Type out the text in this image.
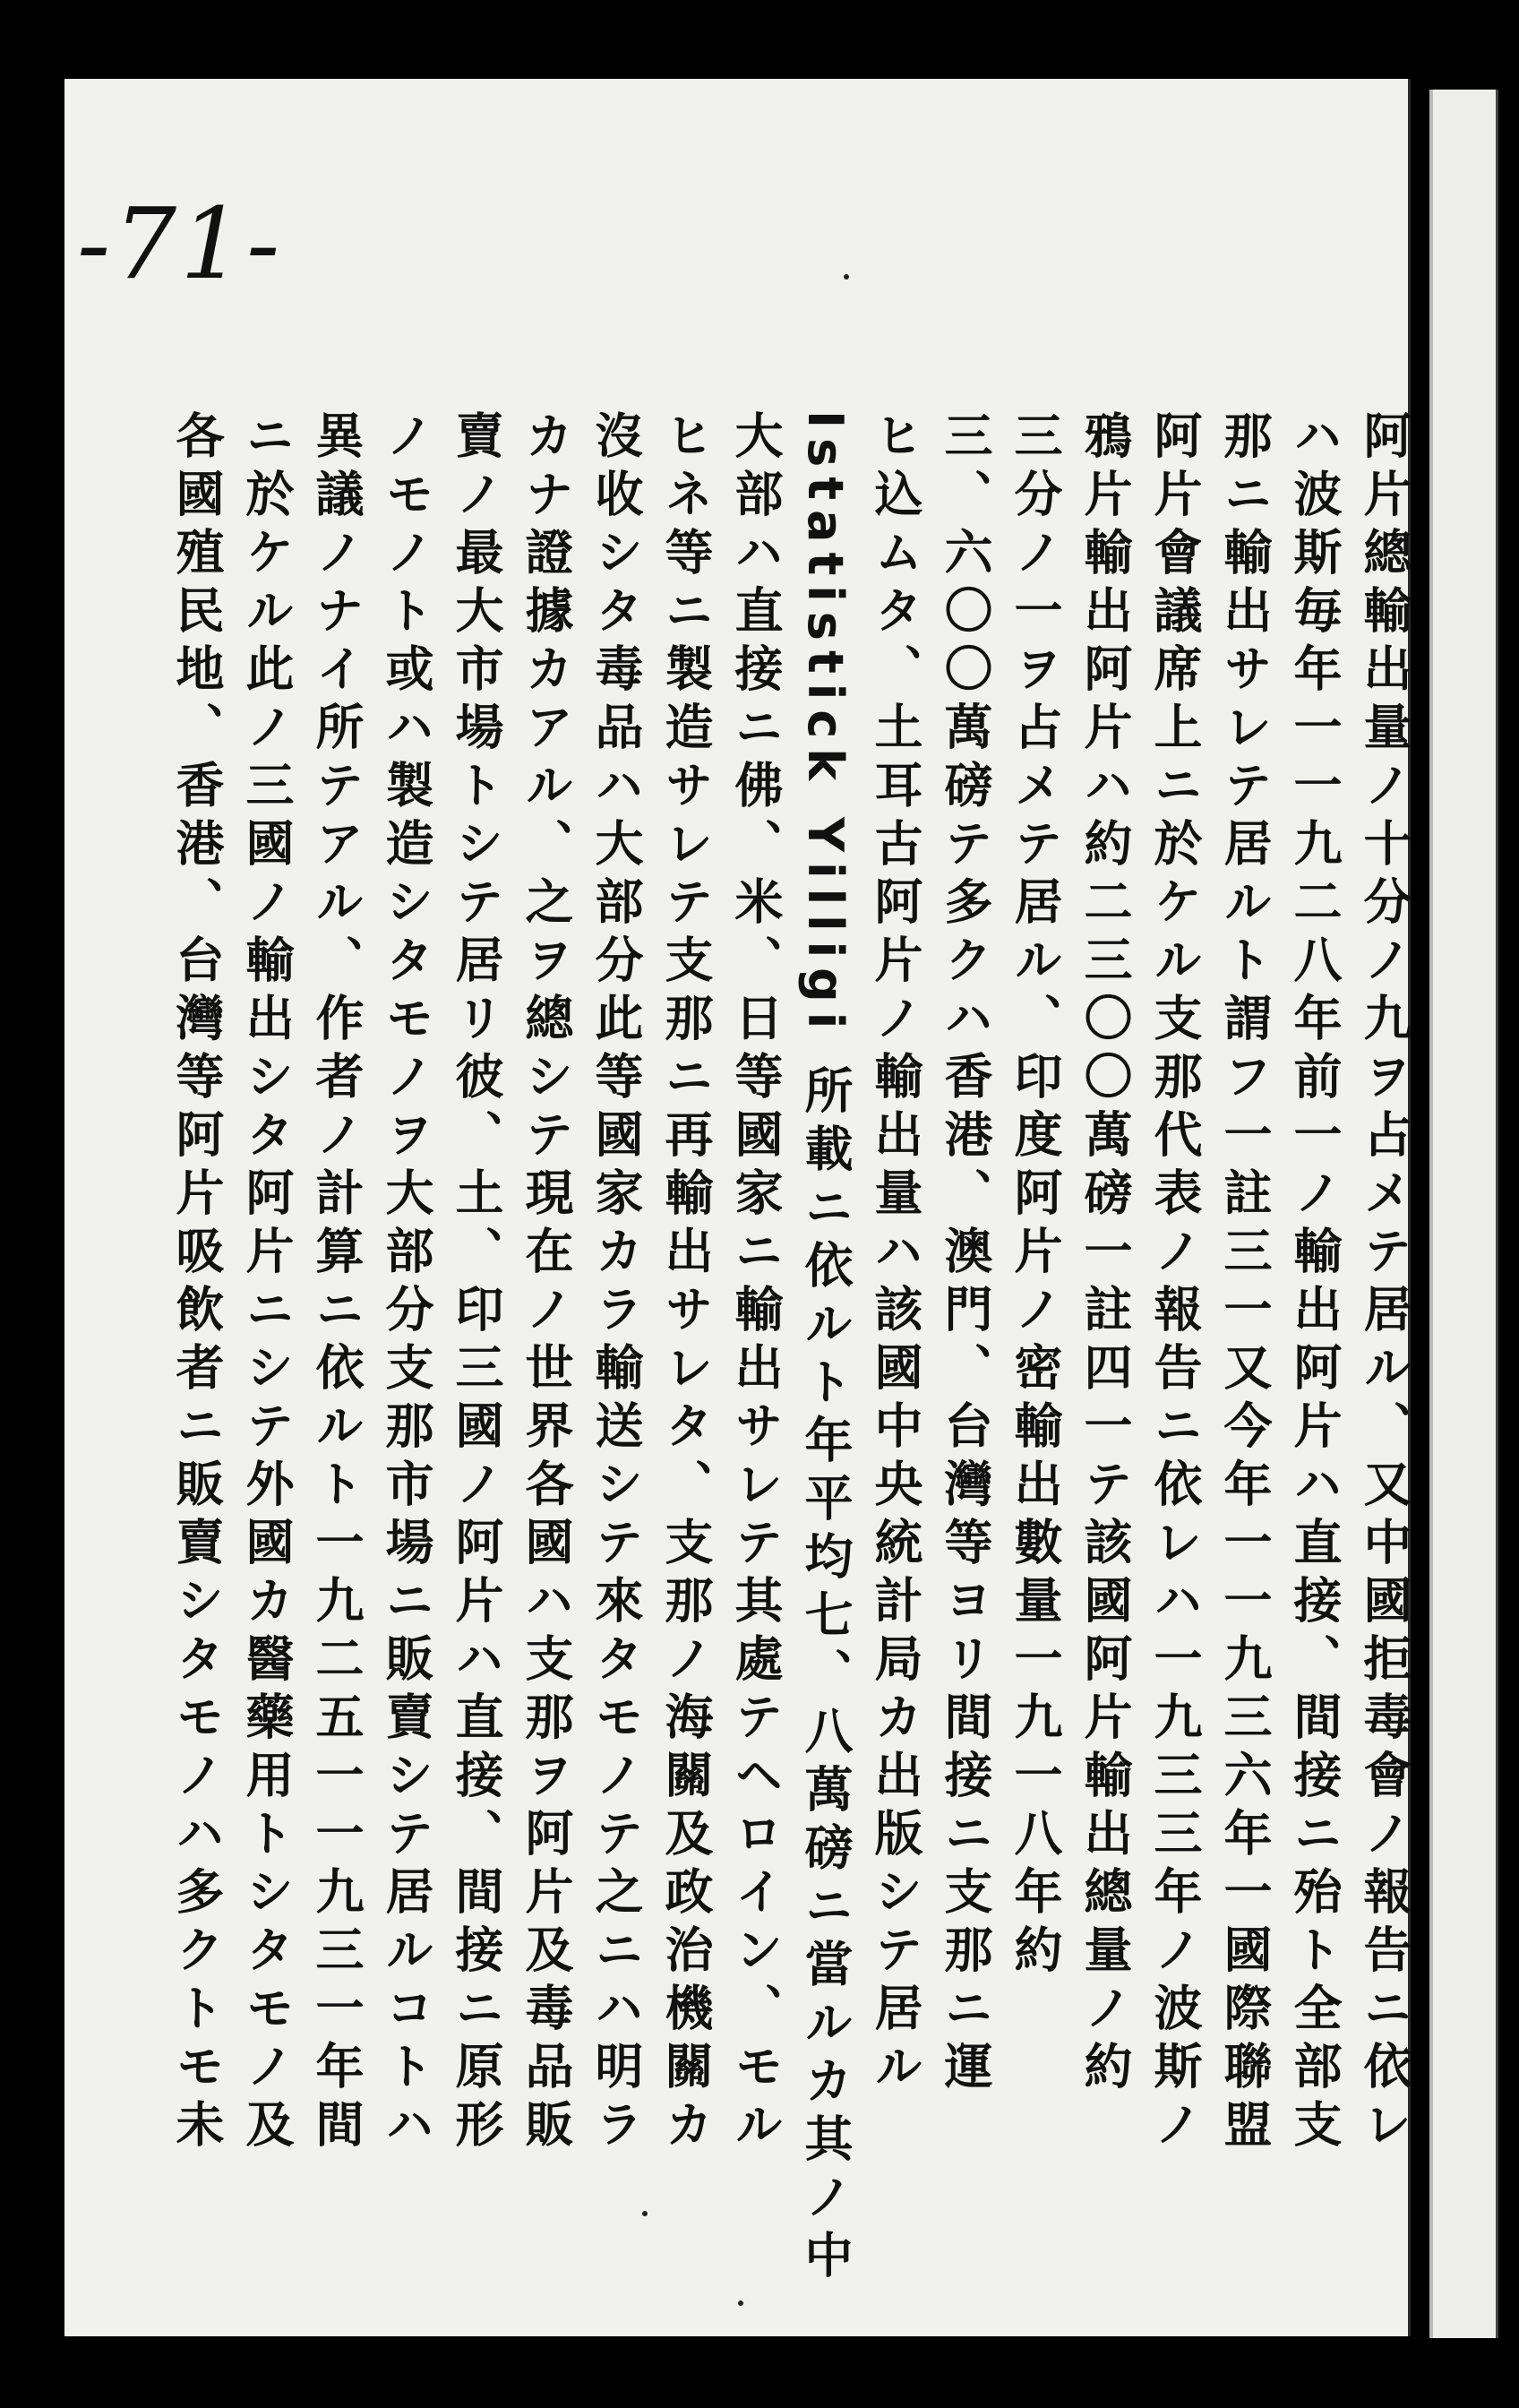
-71-
阿片總輸出量ノ十分ノ九ヲ占メテ居ル、又中國拒毒會ノ報告ニ依レ
ハ波斯毎年一一九二八年前一ノ輸出阿片ハ直接、間接ニ殆ト全部支
那ニ輸出サレテ居ルト謂フ一註三一又今年一一九三六年一國際聯盟
阿片會議席上ニ於ケル支那代表ノ報告ニ依レハ一九三三年ノ波斯ノ
鴉片輸出阿片ハ約二三〇〇萬磅一註四一テ該國阿片輸出總量ノ約
三分ノ一ヲ占メテ居ル、印度阿片ノ密輸出數量一九一八年約
三、六〇〇萬磅テ多クハ香港、澳門、台灣等ヨリ間接ニ支那ニ運
ヒ込ムタ、土耳古阿片ノ輸出量ハ該國中央統計局カ出版シテ居ル
Istatistick Yilligi 所載ニ依ルト年平均七、八萬磅ニ當ルカ其ノ中
大部ハ直接ニ佛、米、日等國家ニ輸出サレテ其處テヘロイン、モル
ヒネ等ニ製造サレテ支那ニ再輸出サレタ、支那ノ海關及政治機關カ
沒收シタ毒品ハ大部分此等國家カラ輸送シテ來タモノテ之ニハ明ラ
カナ證據カアル、之ヲ總シテ現在ノ世界各國ハ支那ヲ阿片及毒品販
賣ノ最大市場トシテ居リ彼、土、印三國ノ阿片ハ直接、間接ニ原形
ノモノト或ハ製造シタモノヲ大部分支那市場ニ販賣シテ居ルコトハ
異議ノナイ所テアル、作者ノ計算ニ依ルト一九二五一一九三一年間
ニ於ケル此ノ三國ノ輸出シタ阿片ニシテ外國カ醫藥用トシタモノ及
各國殖民地、香港、台灣等阿片吸飲者ニ販賣シタモノハ多クトモ未
